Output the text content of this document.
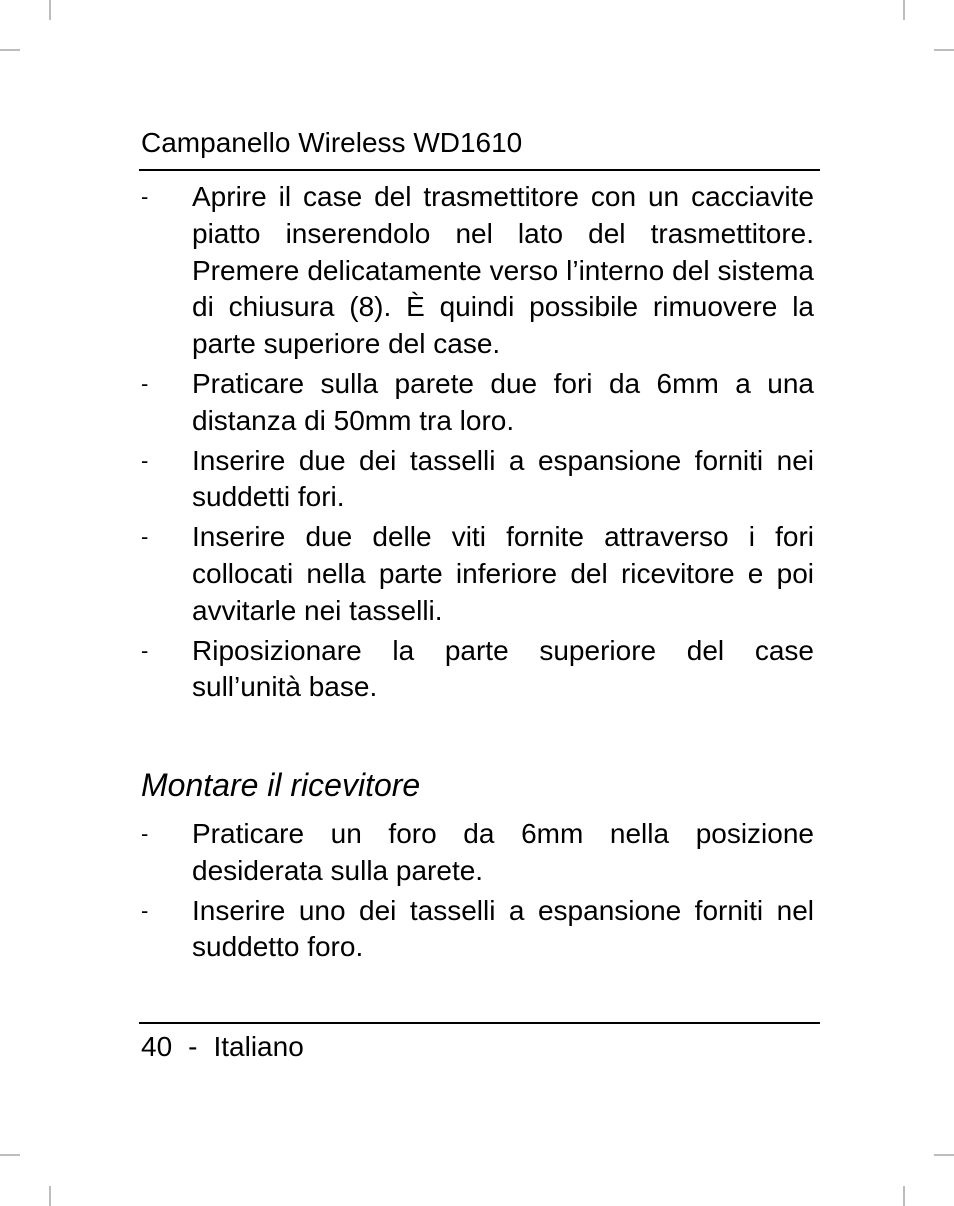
Campanello Wireless WD1610
- Aprire il case del trasmettitore con un cacciavite piatto inserendolo nel lato del trasmettitore. Premere delicatamente verso l’interno del sistema di chiusura (8). È quindi possibile rimuovere la parte superiore del case.
- Praticare sulla parete due fori da 6mm a una distanza di 50mm tra loro.
- Inserire due dei tasselli a espansione forniti nei suddetti fori.
- Inserire due delle viti fornite attraverso i fori collocati nella parte inferiore del ricevitore e poi avvitarle nei tasselli.
- Riposizionare la parte superiore del case sull’unità base.
Montare il ricevitore
- Praticare un foro da 6mm nella posizione desiderata sulla parete.
- Inserire uno dei tasselli a espansione forniti nel suddetto foro.
40 - Italiano
